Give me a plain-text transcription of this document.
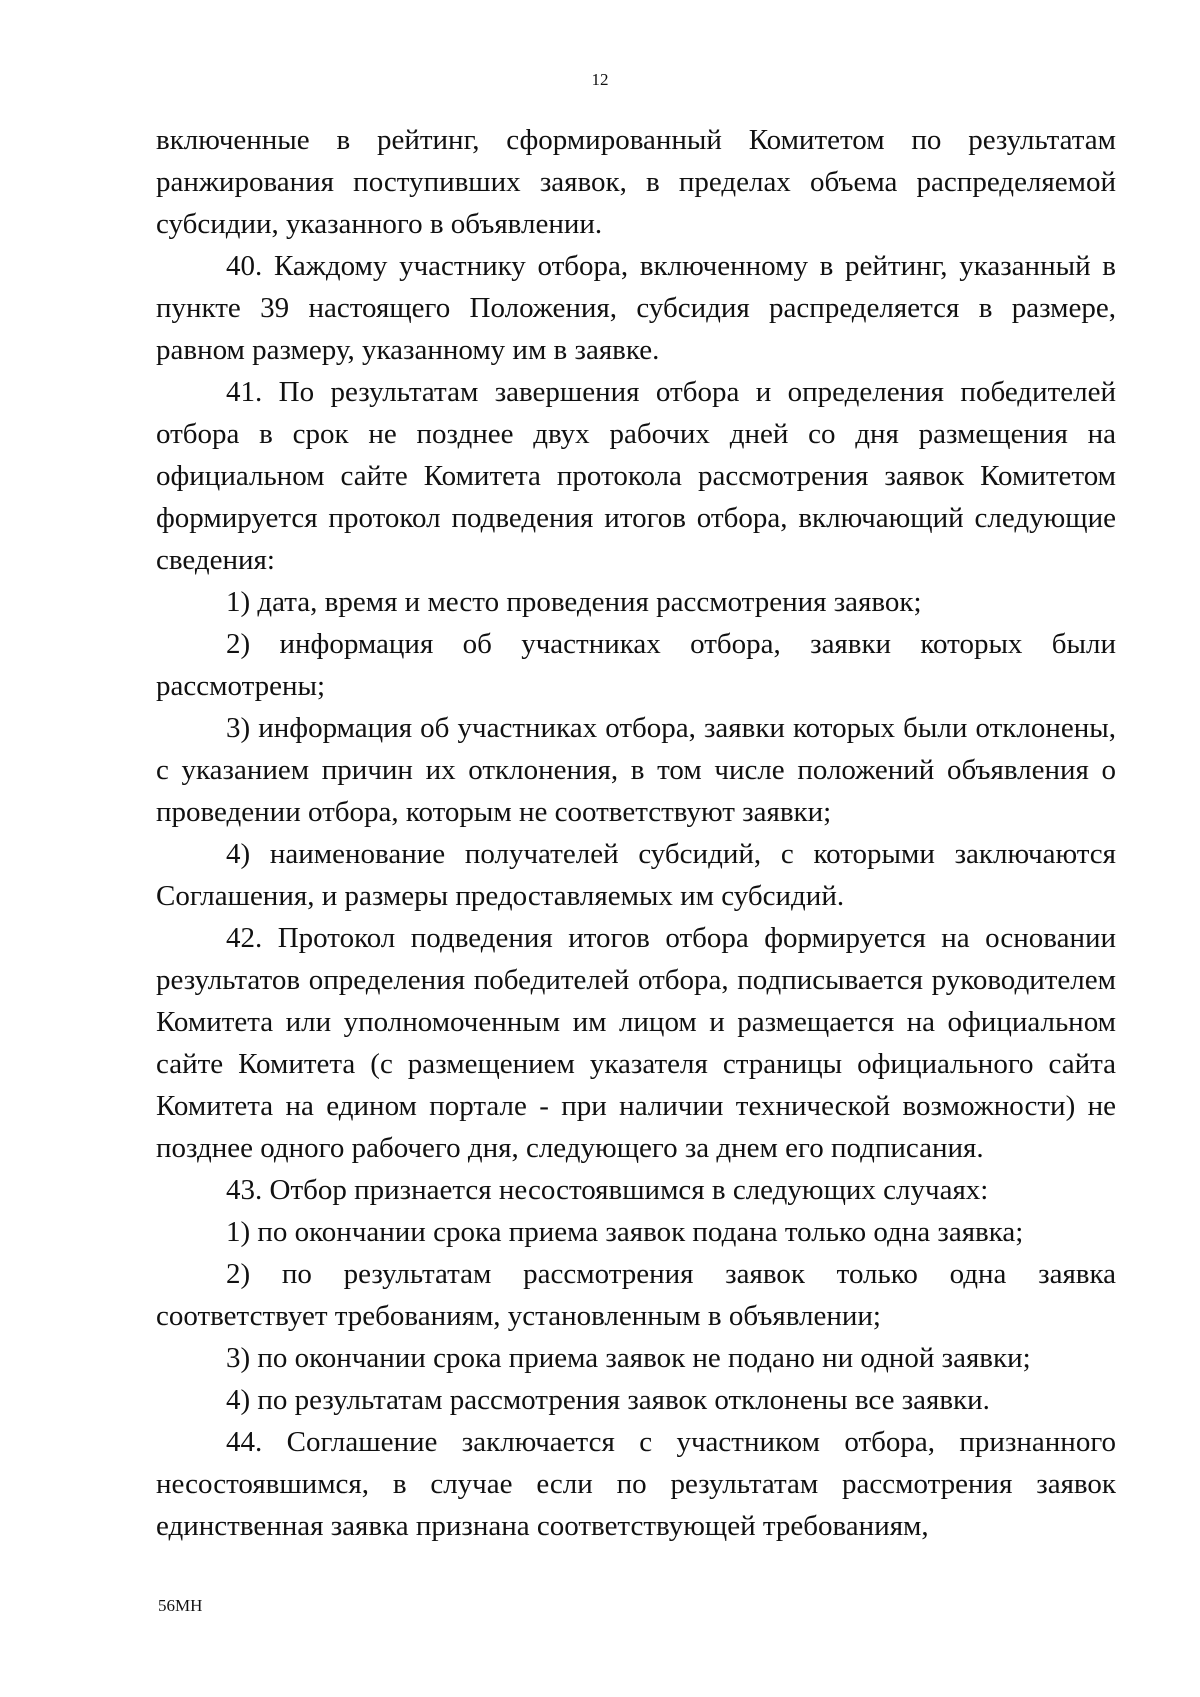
12

включенные в рейтинг, сформированный Комитетом по результатам ранжирования поступивших заявок, в пределах объема распределяемой субсидии, указанного в объявлении.

40. Каждому участнику отбора, включенному в рейтинг, указанный в пункте 39 настоящего Положения, субсидия распределяется в размере, равном размеру, указанному им в заявке.

41. По результатам завершения отбора и определения победителей отбора в срок не позднее двух рабочих дней со дня размещения на официальном сайте Комитета протокола рассмотрения заявок Комитетом формируется протокол подведения итогов отбора, включающий следующие сведения:

1) дата, время и место проведения рассмотрения заявок;

2) информация об участниках отбора, заявки которых были рассмотрены;

3) информация об участниках отбора, заявки которых были отклонены, с указанием причин их отклонения, в том числе положений объявления о проведении отбора, которым не соответствуют заявки;

4) наименование получателей субсидий, с которыми заключаются Соглашения, и размеры предоставляемых им субсидий.

42. Протокол подведения итогов отбора формируется на основании результатов определения победителей отбора, подписывается руководителем Комитета или уполномоченным им лицом и размещается на официальном сайте Комитета (с размещением указателя страницы официального сайта Комитета на едином портале - при наличии технической возможности) не позднее одного рабочего дня, следующего за днем его подписания.

43. Отбор признается несостоявшимся в следующих случаях:

1) по окончании срока приема заявок подана только одна заявка;

2) по результатам рассмотрения заявок только одна заявка соответствует требованиям, установленным в объявлении;

3) по окончании срока приема заявок не подано ни одной заявки;

4) по результатам рассмотрения заявок отклонены все заявки.

44. Соглашение заключается с участником отбора, признанного несостоявшимся, в случае если по результатам рассмотрения заявок единственная заявка признана соответствующей требованиям,

56МН
